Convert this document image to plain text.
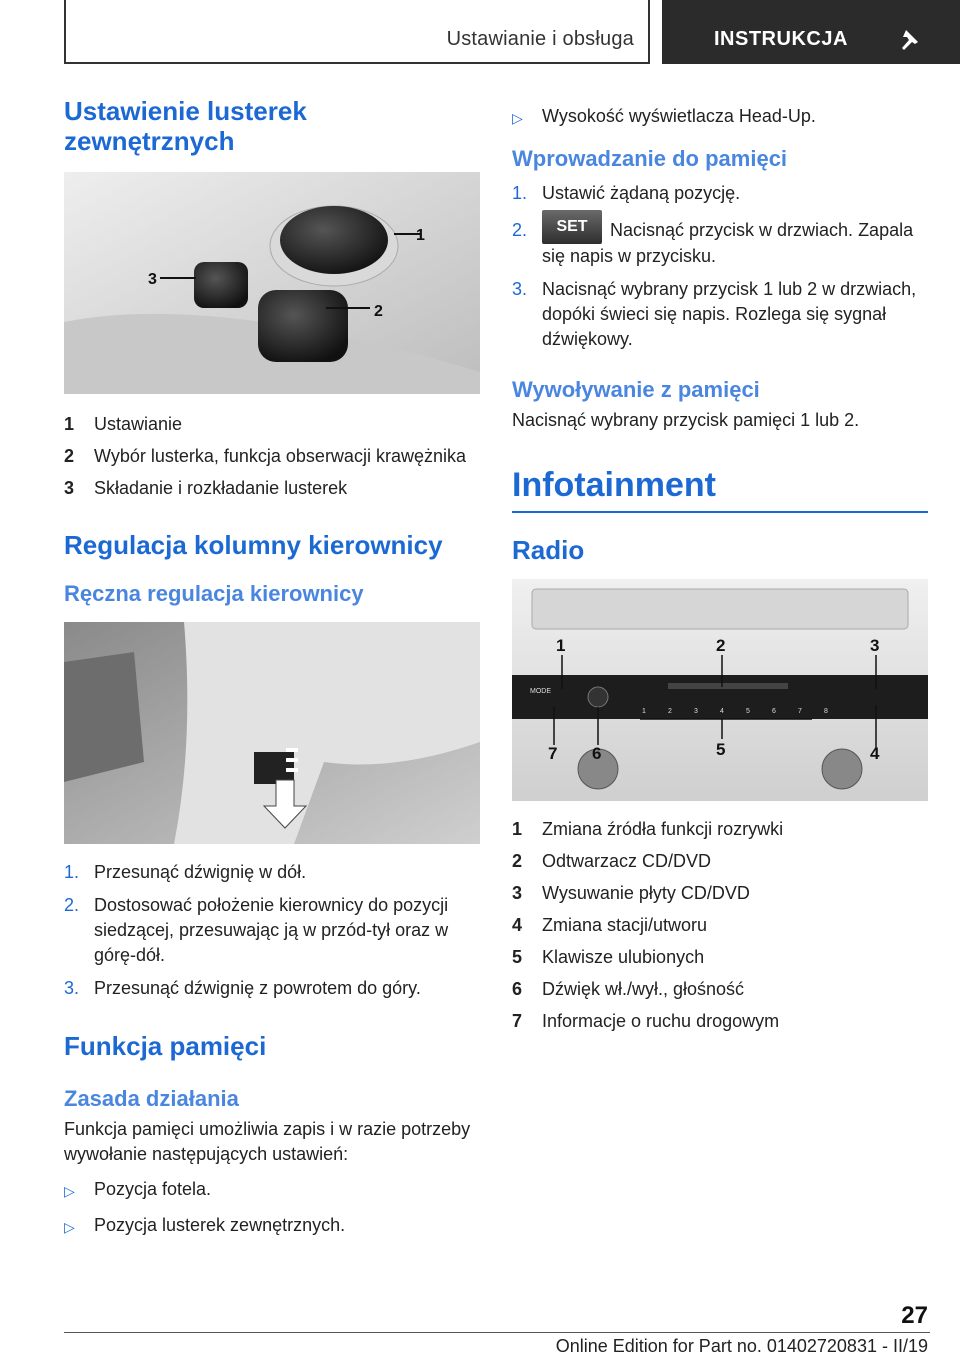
Ustawianie i obsługa	INSTRUKCJA
Ustawienie lusterek zewnętrznych
1
2
3
1	Ustawianie
2	Wybór lusterka, funkcja obserwacji krawężnika
3	Składanie i rozkładanie lusterek
Regulacja kolumny kierownicy
Ręczna regulacja kierownicy
1. Przesunąć dźwignię w dół.
2. Dostosować położenie kierownicy do pozycji siedzącej, przesuwając ją w przód-tył oraz w górę-dół.
3. Przesunąć dźwignię z powrotem do góry.
Funkcja pamięci
Zasada działania

Funkcja pamięci umożliwia zapis i w razie potrzeby wywołanie następujących ustawień:

▷	Pozycja fotela.
▷	Pozycja lusterek zewnętrznych.
▷	Wysokość wyświetlacza Head-Up.
Wprowadzanie do pamięci
1. Ustawić żądaną pozycję.
2.	SET Nacisnąć przycisk w drzwiach. Zapala się napis w przycisku.
3. Nacisnąć wybrany przycisk 1 lub 2 w drzwiach, dopóki świeci się napis. Rozlega się sygnał dźwiękowy.
Wywoływanie z pamięci

Nacisnąć wybrany przycisk pamięci 1 lub 2.

Infotainment
Radio
MODE
1	2	3	4	5	6	7	8
1	2	3
4
5
6
7
1	Zmiana źródła funkcji rozrywki
2	Odtwarzacz CD/DVD
3	Wysuwanie płyty CD/DVD
4	Zmiana stacji/utworu
5	Klawisze ulubionych
6	Dźwięk wł./wył., głośność
7	Informacje o ruchu drogowym
27
Online Edition for Part no. 01402720831 - II/19
